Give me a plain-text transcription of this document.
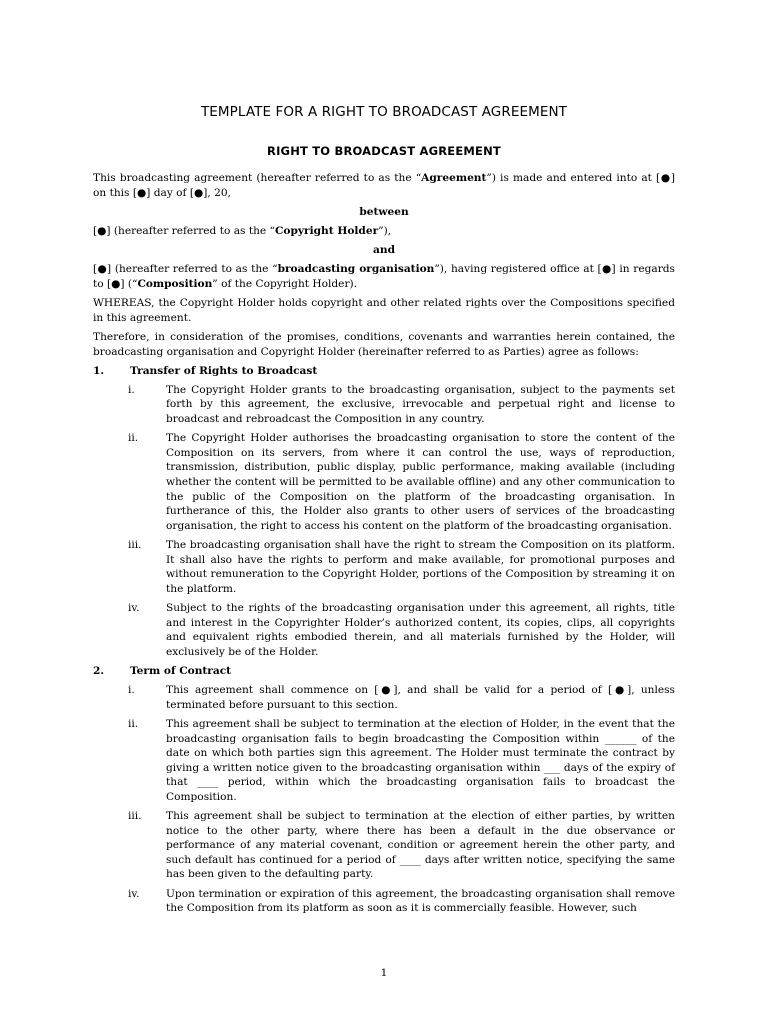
TEMPLATE FOR A RIGHT TO BROADCAST AGREEMENT
RIGHT TO BROADCAST AGREEMENT

This broadcasting agreement (hereafter referred to as the “Agreement”) is made and entered into at [●] on this [●] day of [●], 20,

between

[●] (hereafter referred to as the “Copyright Holder”),

and

[●] (hereafter referred to as the “broadcasting organisation”), having registered office at [●] in regards to [●] (“Composition” of the Copyright Holder).

WHEREAS, the Copyright Holder holds copyright and other related rights over the Compositions specified in this agreement.

Therefore, in consideration of the promises, conditions, covenants and warranties herein contained, the broadcasting organisation and Copyright Holder (hereinafter referred to as Parties) agree as follows:

1.	Transfer of Rights to Broadcast
i.	The Copyright Holder grants to the broadcasting organisation, subject to the payments set forth by this agreement, the exclusive, irrevocable and perpetual right and license to broadcast and rebroadcast the Composition in any country.
ii.	The Copyright Holder authorises the broadcasting organisation to store the content of the Composition on its servers, from where it can control the use, ways of reproduction, transmission, distribution, public display, public performance, making available (including whether the content will be permitted to be available offline) and any other communication to the public of the Composition on the platform of the broadcasting organisation. In furtherance of this, the Holder also grants to other users of services of the broadcasting organisation, the right to access his content on the platform of the broadcasting organisation.
iii.	The broadcasting organisation shall have the right to stream the Composition on its platform. It shall also have the rights to perform and make available, for promotional purposes and without remuneration to the Copyright Holder, portions of the Composition by streaming it on the platform.
iv.	Subject to the rights of the broadcasting organisation under this agreement, all rights, title and interest in the Copyrighter Holder’s authorized content, its copies, clips, all copyrights and equivalent rights embodied therein, and all materials furnished by the Holder, will exclusively be of the Holder.
2.	Term of Contract
i.	This agreement shall commence on [●], and shall be valid for a period of [●], unless terminated before pursuant to this section.
ii.	This agreement shall be subject to termination at the election of Holder, in the event that the broadcasting organisation fails to begin broadcasting the Composition within ______ of the date on which both parties sign this agreement. The Holder must terminate the contract by giving a written notice given to the broadcasting organisation within ___ days of the expiry of that ____ period, within which the broadcasting organisation fails to broadcast the Composition.
iii.	This agreement shall be subject to termination at the election of either parties, by written notice to the other party, where there has been a default in the due observance or performance of any material covenant, condition or agreement herein the other party, and such default has continued for a period of ____ days after written notice, specifying the same has been given to the defaulting party.
iv.	Upon termination or expiration of this agreement, the broadcasting organisation shall remove the Composition from its platform as soon as it is commercially feasible. However, such
1
